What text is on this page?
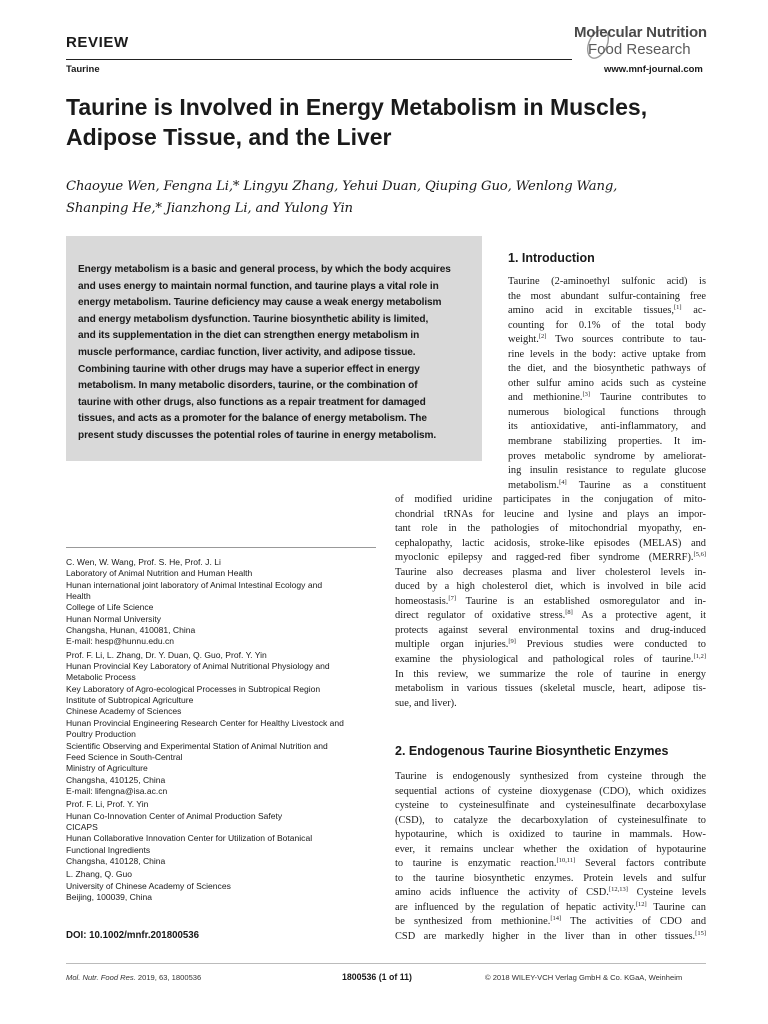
REVIEW
Taurine
Molecular Nutrition
Food Research
www.mnf-journal.com
Taurine is Involved in Energy Metabolism in Muscles, Adipose Tissue, and the Liver
Chaoyue Wen, Fengna Li,* Lingyu Zhang, Yehui Duan, Qiuping Guo, Wenlong Wang,
Shanping He,* Jianzhong Li, and Yulong Yin
Energy metabolism is a basic and general process, by which the body acquires
and uses energy to maintain normal function, and taurine plays a vital role in
energy metabolism. Taurine deficiency may cause a weak energy metabolism
and energy metabolism dysfunction. Taurine biosynthetic ability is limited,
and its supplementation in the diet can strengthen energy metabolism in
muscle performance, cardiac function, liver activity, and adipose tissue.
Combining taurine with other drugs may have a superior effect in energy
metabolism. In many metabolic disorders, taurine, or the combination of
taurine with other drugs, also functions as a repair treatment for damaged
tissues, and acts as a promoter for the balance of energy metabolism. The
present study discusses the potential roles of taurine in energy metabolism.
1. Introduction
Taurine (2-aminoethyl sulfonic acid) is
the most abundant sulfur-containing free
amino acid in excitable tissues,[1] ac-
counting for 0.1% of the total body
weight.[2] Two sources contribute to tau-
rine levels in the body: active uptake from
the diet, and the biosynthetic pathways of
other sulfur amino acids such as cysteine
and methionine.[3] Taurine contributes to
numerous biological functions through
its antioxidative, anti-inflammatory, and
membrane stabilizing properties. It im-
proves metabolic syndrome by ameliorat-
ing insulin resistance to regulate glucose
metabolism.[4] Taurine as a constituent
of modified uridine participates in the conjugation of mito-
chondrial tRNAs for leucine and lysine and plays an impor-
tant role in the pathologies of mitochondrial myopathy, en-
cephalopathy, lactic acidosis, stroke-like episodes (MELAS) and
myoclonic epilepsy and ragged-red fiber syndrome (MERRF).[5,6]
Taurine also decreases plasma and liver cholesterol levels in-
duced by a high cholesterol diet, which is involved in bile acid
homeostasis.[7] Taurine is an established osmoregulator and in-
direct regulator of oxidative stress.[8] As a protective agent, it
protects against several environmental toxins and drug-induced
multiple organ injuries.[9] Previous studies were conducted to
examine the physiological and pathological roles of taurine.[1,2]
In this review, we summarize the role of taurine in energy
metabolism in various tissues (skeletal muscle, heart, adipose tis-
sue, and liver).
2. Endogenous Taurine Biosynthetic Enzymes
Taurine is endogenously synthesized from cysteine through the
sequential actions of cysteine dioxygenase (CDO), which oxidizes
cysteine to cysteinesulfinate and cysteinesulfinate decarboxylase
(CSD), to catalyze the decarboxylation of cysteinesulfinate to
hypotaurine, which is oxidized to taurine in mammals. How-
ever, it remains unclear whether the oxidation of hypotaurine
to taurine is enzymatic reaction.[10,11] Several factors contribute
to the taurine biosynthetic enzymes. Protein levels and sulfur
amino acids influence the activity of CSD.[12,13] Cysteine levels
are influenced by the regulation of hepatic activity.[12] Taurine can
be synthesized from methionine.[14] The activities of CDO and
CSD are markedly higher in the liver than in other tissues.[15]
C. Wen, W. Wang, Prof. S. He, Prof. J. Li
Laboratory of Animal Nutrition and Human Health
Hunan international joint laboratory of Animal Intestinal Ecology and
Health
College of Life Science
Hunan Normal University
Changsha, Hunan, 410081, China
E-mail: hesp@hunnu.edu.cn
Prof. F. Li, L. Zhang, Dr. Y. Duan, Q. Guo, Prof. Y. Yin
Hunan Provincial Key Laboratory of Animal Nutritional Physiology and
Metabolic Process
Key Laboratory of Agro-ecological Processes in Subtropical Region
Institute of Subtropical Agriculture
Chinese Academy of Sciences
Hunan Provincial Engineering Research Center for Healthy Livestock and
Poultry Production
Scientific Observing and Experimental Station of Animal Nutrition and
Feed Science in South-Central
Ministry of Agriculture
Changsha, 410125, China
E-mail: lifengna@isa.ac.cn
Prof. F. Li, Prof. Y. Yin
Hunan Co-Innovation Center of Animal Production Safety
CICAPS
Hunan Collaborative Innovation Center for Utilization of Botanical
Functional Ingredients
Changsha, 410128, China
L. Zhang, Q. Guo
University of Chinese Academy of Sciences
Beijing, 100039, China
DOI: 10.1002/mnfr.201800536
Mol. Nutr. Food Res. 2019, 63, 1800536	1800536 (1 of 11)	© 2018 WILEY-VCH Verlag GmbH & Co. KGaA, Weinheim
